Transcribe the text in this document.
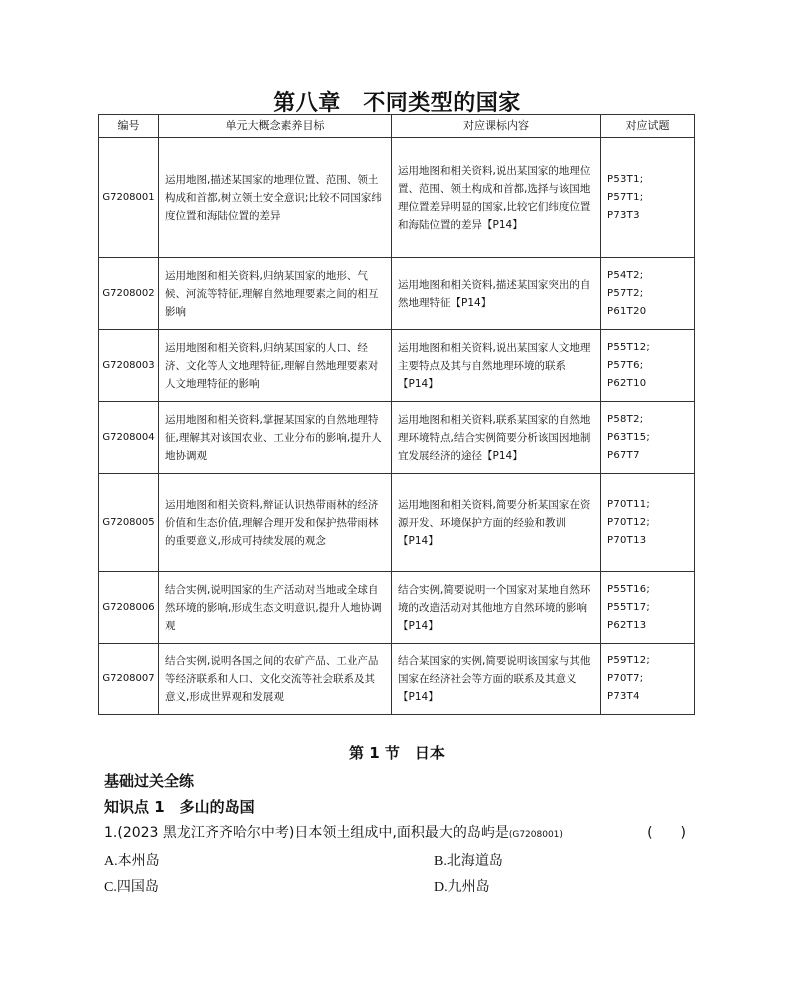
第八章　不同类型的国家
编号	单元大概念素养目标	对应课标内容	对应试题
G7208001	运用地图,描述某国家的地理位置、范围、领土构成和首都,树立领土安全意识;比较不同国家纬度位置和海陆位置的差异	运用地图和相关资料,说出某国家的地理位置、范围、领土构成和首都,选择与该国地理位置差异明显的国家,比较它们纬度位置和海陆位置的差异【P14】	P53T1;
P57T1;
P73T3

G7208002	运用地图和相关资料,归纳某国家的地形、气候、河流等特征,理解自然地理要素之间的相互影响	运用地图和相关资料,描述某国家突出的自然地理特征【P14】	P54T2;
P57T2;
P61T20

G7208003	运用地图和相关资料,归纳某国家的人口、经济、文化等人文地理特征,理解自然地理要素对人文地理特征的影响	运用地图和相关资料,说出某国家人文地理主要特点及其与自然地理环境的联系【P14】	P55T12;
P57T6;
P62T10

G7208004	运用地图和相关资料,掌握某国家的自然地理特征,理解其对该国农业、工业分布的影响,提升人地协调观	运用地图和相关资料,联系某国家的自然地理环境特点,结合实例简要分析该国因地制宜发展经济的途径【P14】	P58T2;
P63T15;
P67T7

G7208005	运用地图和相关资料,辩证认识热带雨林的经济价值和生态价值,理解合理开发和保护热带雨林的重要意义,形成可持续发展的观念	运用地图和相关资料,简要分析某国家在资源开发、环境保护方面的经验和教训【P14】	P70T11;
P70T12;
P70T13

G7208006	结合实例,说明国家的生产活动对当地或全球自然环境的影响,形成生态文明意识,提升人地协调观	结合实例,简要说明一个国家对某地自然环境的改造活动对其他地方自然环境的影响【P14】	P55T16;
P55T17;
P62T13

G7208007	结合实例,说明各国之间的农矿产品、工业产品等经济联系和人口、文化交流等社会联系及其意义,形成世界观和发展观	结合某国家的实例,简要说明该国家与其他国家在经济社会等方面的联系及其意义【P14】	P59T12;
P70T7;
P73T4
第 1 节　日本
基础过关全练
知识点 1　多山的岛国
1.(2023 黑龙江齐齐哈尔中考)日本领土组成中,面积最大的岛屿是(G7208001)	(　　)
A.本州岛	B.北海道岛
C.四国岛	D.九州岛
